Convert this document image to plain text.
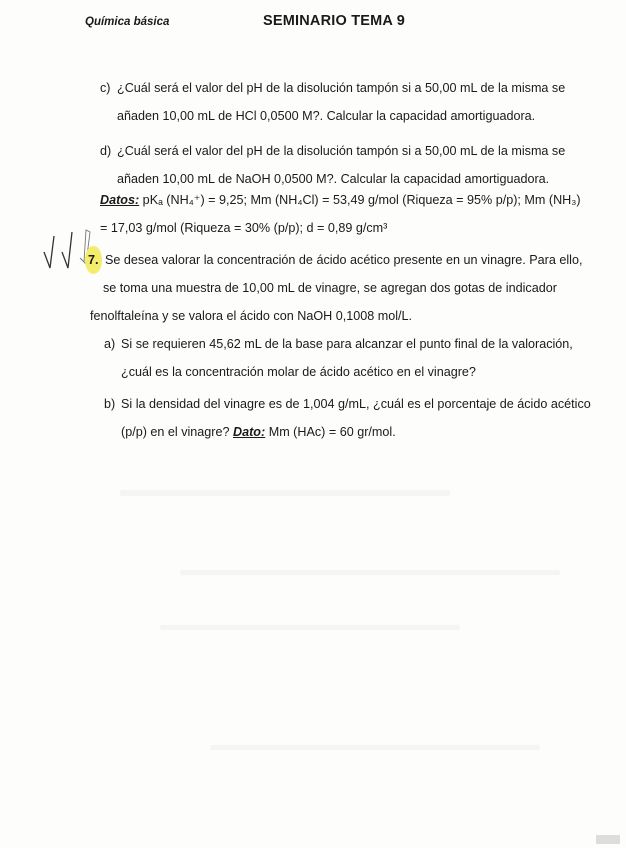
Química básica	SEMINARIO TEMA 9
c) ¿Cuál será el valor del pH de la disolución tampón si a 50,00 mL de la misma se
añaden 10,00 mL de HCl 0,0500 M?. Calcular la capacidad amortiguadora.
d) ¿Cuál será el valor del pH de la disolución tampón si a 50,00 mL de la misma se
añaden 10,00 mL de NaOH 0,0500 M?. Calcular la capacidad amortiguadora.
Datos: pKₐ (NH₄⁺) = 9,25; Mm (NH₄Cl) = 53,49 g/mol (Riqueza = 95% p/p); Mm (NH₃)
= 17,03 g/mol (Riqueza = 30% (p/p); d = 0,89 g/cm³
7. Se desea valorar la concentración de ácido acético presente en un vinagre. Para ello,
se toma una muestra de 10,00 mL de vinagre, se agregan dos gotas de indicador
fenolftaleína y se valora el ácido con NaOH 0,1008 mol/L.
a) Si se requieren 45,62 mL de la base para alcanzar el punto final de la valoración,
¿cuál es la concentración molar de ácido acético en el vinagre?
b) Si la densidad del vinagre es de 1,004 g/mL, ¿cuál es el porcentaje de ácido acético
(p/p) en el vinagre? Dato: Mm (HAc) = 60 gr/mol.
